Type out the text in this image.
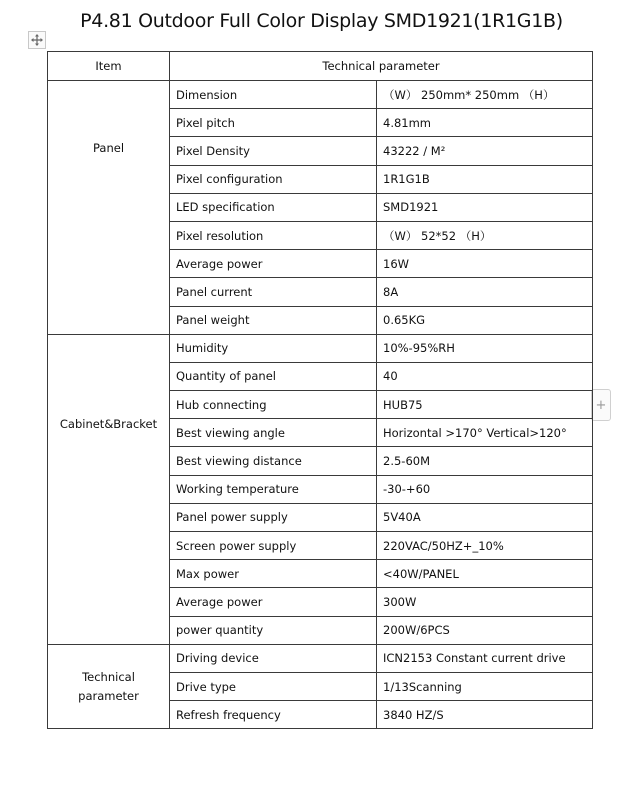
P4.81 Outdoor Full Color Display SMD1921(1R1G1B)
+
Item	Technical parameter	
Panel	Dimension	（W） 250mm* 250mm （H）
	Pixel pitch	4.81mm
	Pixel Density	43222 / M²
	Pixel configuration	1R1G1B
	LED specification	SMD1921
	Pixel resolution	（W） 52*52 （H）
	Average power	16W
	Panel current	8A
	Panel weight	0.65KG
Cabinet&Bracket	Humidity	10%-95%RH
	Quantity of panel	40
	Hub connecting	HUB75
	Best viewing angle	Horizontal >170° Vertical>120°
	Best viewing distance	2.5-60M
	Working temperature	-30-+60
	Panel power supply	5V40A
	Screen power supply	220VAC/50HZ+_10%
	Max power	<40W/PANEL
	Average power	300W
	power quantity	200W/6PCS

Technical
parameter	Driving device	ICN2153 Constant current drive
	Drive type	1/13Scanning
	Refresh frequency	3840 HZ/S
